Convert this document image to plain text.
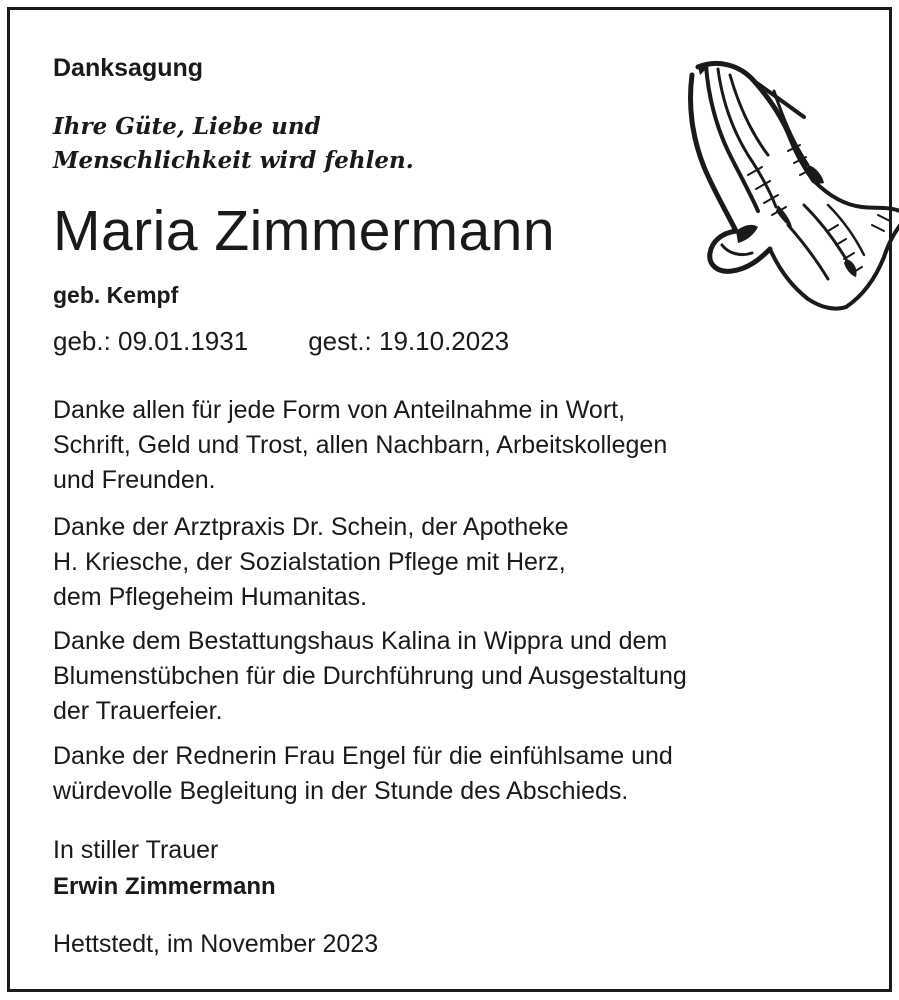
Danksagung
Ihre Güte, Liebe und
Menschlichkeit wird fehlen.
Maria Zimmermann
geb. Kempf
geb.: 09.01.1931 gest.: 19.10.2023
Danke allen für jede Form von Anteilnahme in Wort,
Schrift, Geld und Trost, allen Nachbarn, Arbeitskollegen
und Freunden.
Danke der Arztpraxis Dr. Schein, der Apotheke
H. Kriesche, der Sozialstation Pflege mit Herz,
dem Pflegeheim Humanitas.
Danke dem Bestattungshaus Kalina in Wippra und dem
Blumenstübchen für die Durchführung und Ausgestaltung
der Trauerfeier.
Danke der Rednerin Frau Engel für die einfühlsame und
würdevolle Begleitung in der Stunde des Abschieds.
In stiller Trauer
Erwin Zimmermann
Hettstedt, im November 2023
